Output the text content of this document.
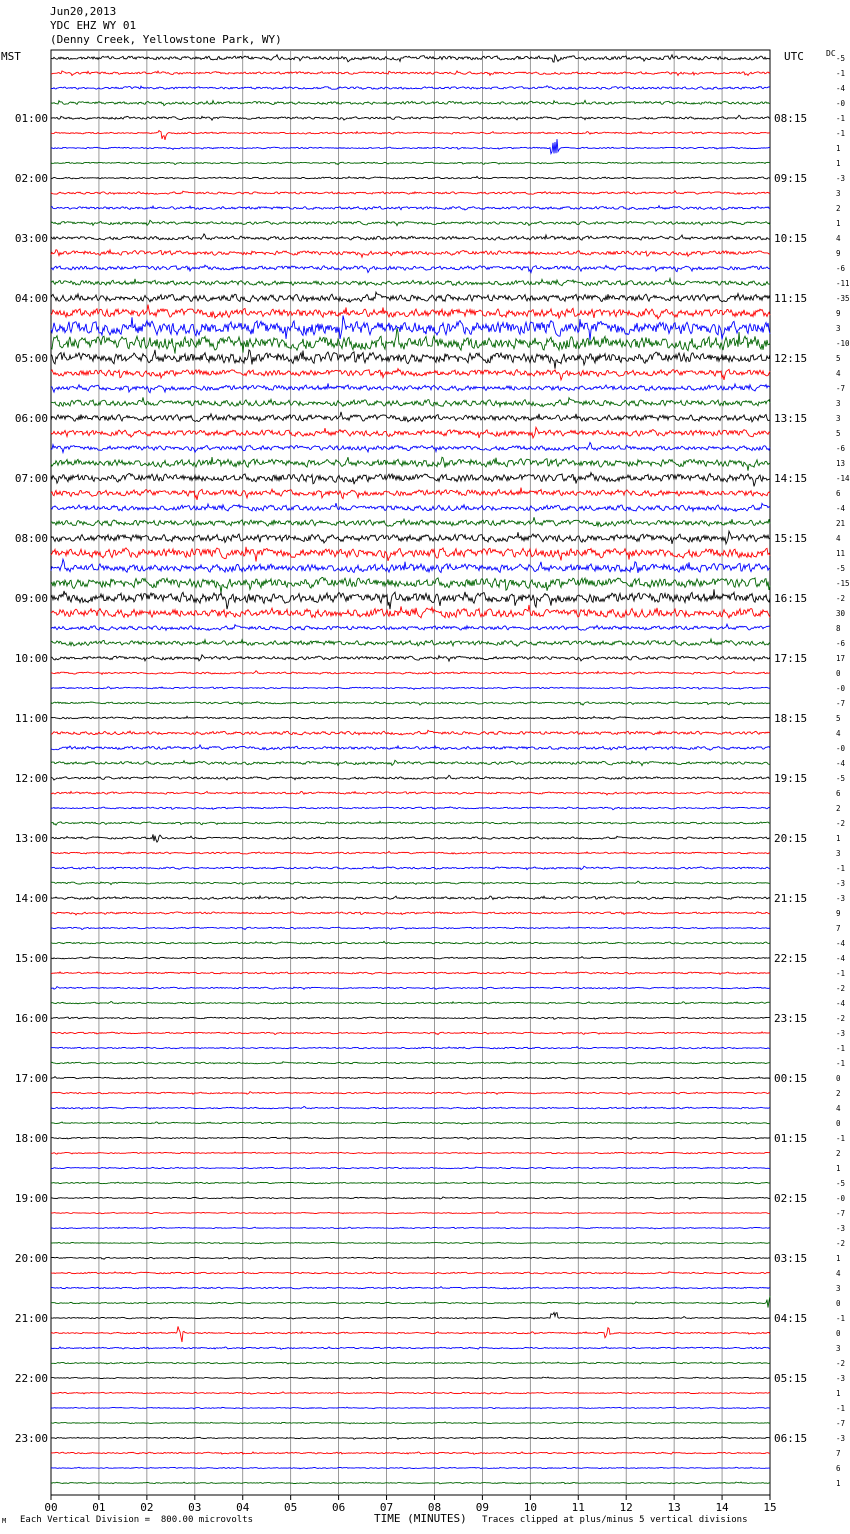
Jun20,2013
YDC EHZ WY 01
(Denny Creek, Yellowstone Park, WY)
MST	UTC	DC
-5
-1
-4
-0
-1
-1
1
1
-3
3
2
1
4
9
-6
-11
-35
9
3
-10
5
4
-7
3
3
5
-6
13
-14
6
-4
21
4
11
-5
-15
-2
30
8
-6
17
0
-0
-7
5
4
-0
-4
-5
6
2
-2
1
3
-1
-3
-3
9
7
-4
-4
-1
-2
-4
-2
-3
-1
-1
0
2
4
0
-1
2
1
-5
-0
-7
-3
-2
1
4
3
0
-1
0
3
-2
-3
1
-1
-7
-3
7
6
1
01:00
02:00
03:00
04:00
05:00
06:00
07:00
08:00
09:00
10:00
11:00
12:00
13:00
14:00
15:00
16:00
17:00
18:00
19:00
20:00
21:00
22:00
23:00
08:15
09:15
10:15
11:15
12:15
13:15
14:15
15:15
16:15
17:15
18:15
19:15
20:15
21:15
22:15
23:15
00:15
01:15
02:15
03:15
04:15
05:15
06:15
00	01	02	03	04	05	06	07	08	09	10	11	12	13	14	15
TIME (MINUTES)
Each Vertical Division =  800.00 microvolts	Traces clipped at plus/minus 5 vertical divisions
M
